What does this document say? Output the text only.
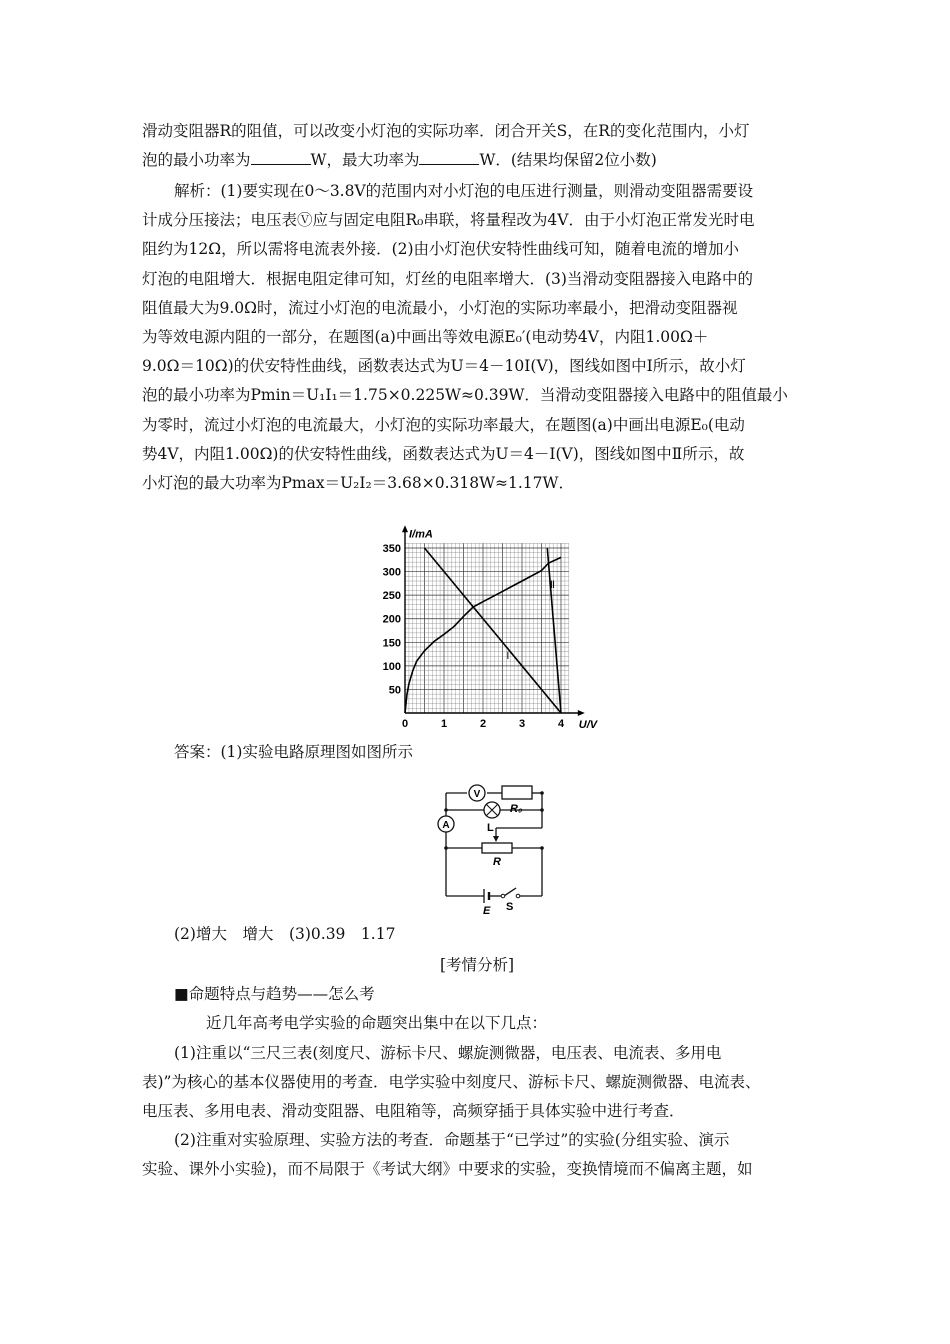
滑动变阻器R的阻值，可以改变小灯泡的实际功率．闭合开关S，在R的变化范围内，小灯
泡的最小功率为	W，最大功率为	W．(结果均保留2位小数)
解析：(1)要实现在0～3.8V的范围内对小灯泡的电压进行测量，则滑动变阻器需要设
计成分压接法；电压表Ⓥ应与固定电阻R₀串联，将量程改为4V．由于小灯泡正常发光时电
阻约为12Ω，所以需将电流表外接．(2)由小灯泡伏安特性曲线可知，随着电流的增加小
灯泡的电阻增大．根据电阻定律可知，灯丝的电阻率增大．(3)当滑动变阻器接入电路中的
阻值最大为9.0Ω时，流过小灯泡的电流最小，小灯泡的实际功率最小，把滑动变阻器视
为等效电源内阻的一部分，在题图(a)中画出等效电源E₀′(电动势4V，内阻1.00Ω＋
9.0Ω＝10Ω)的伏安特性曲线，函数表达式为U＝4－10I(V)，图线如图中Ⅰ所示，故小灯
泡的最小功率为Pmin＝U₁I₁＝1.75×0.225W≈0.39W．当滑动变阻器接入电路中的阻值最小
为零时，流过小灯泡的电流最大，小灯泡的实际功率最大，在题图(a)中画出电源E₀(电动
势4V，内阻1.00Ω)的伏安特性曲线，函数表达式为U＝4－I(V)，图线如图中Ⅱ所示，故
小灯泡的最大功率为Pmax＝U₂I₂＝3.68×0.318W≈1.17W．
0	1	2	3	4
50
100
150
200
250
300
350
U/V
I/mA
Ⅰ
Ⅱ
答案：(1)实验电路原理图如图所示
V
A
R₀
L
R
E S
(2)增大　增大　(3)0.39　1.17
[考情分析]
■命题特点与趋势——怎么考
近几年高考电学实验的命题突出集中在以下几点：
(1)注重以“三尺三表(刻度尺、游标卡尺、螺旋测微器，电压表、电流表、多用电
表)”为核心的基本仪器使用的考查．电学实验中刻度尺、游标卡尺、螺旋测微器、电流表、
电压表、多用电表、滑动变阻器、电阻箱等，高频穿插于具体实验中进行考查．
(2)注重对实验原理、实验方法的考查．命题基于“已学过”的实验(分组实验、演示
实验、课外小实验)，而不局限于《考试大纲》中要求的实验，变换情境而不偏离主题，如
